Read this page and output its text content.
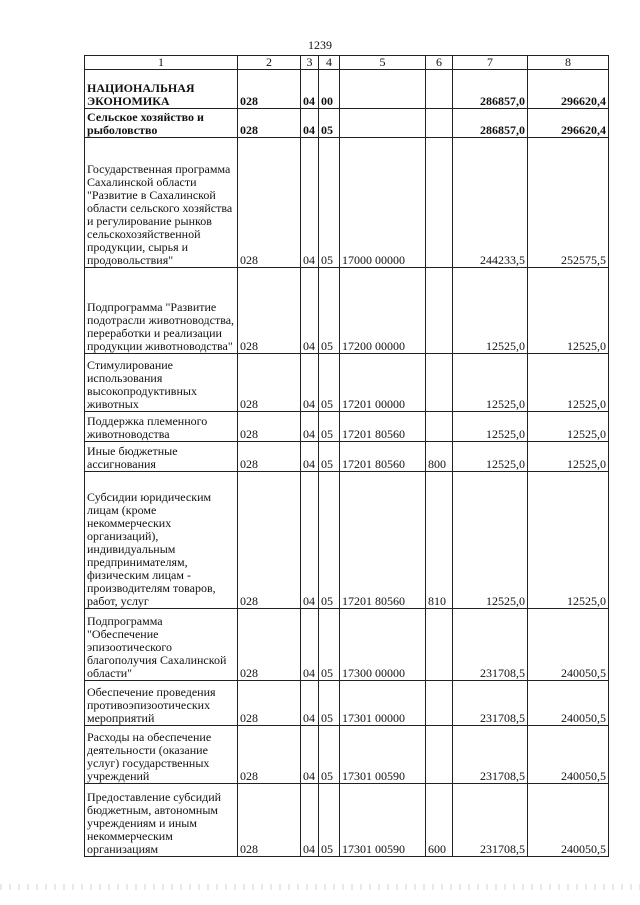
1239
1	2	3	4	5	6	7	8
НАЦИОНАЛЬНАЯ ЭКОНОМИКА	028	04	00			286857,0	296620,4
Сельское хозяйство и рыболовство	028	04	05			286857,0	296620,4
Государственная программа Сахалинской области "Развитие в Сахалинской области сельского хозяйства и регулирование рынков сельскохозяйственной продукции, сырья и продовольствия"	028	04	05	17000 00000		244233,5	252575,5
Подпрограмма "Развитие подотрасли животноводства, переработки и реализации продукции животноводства"	028	04	05	17200 00000		12525,0	12525,0
Стимулирование использования высокопродуктивных животных	028	04	05	17201 00000		12525,0	12525,0
Поддержка племенного животноводства	028	04	05	17201 80560		12525,0	12525,0
Иные бюджетные ассигнования	028	04	05	17201 80560	800	12525,0	12525,0
Субсидии юридическим лицам (кроме некоммерческих организаций), индивидуальным предпринимателям, физическим лицам - производителям товаров, работ, услуг	028	04	05	17201 80560	810	12525,0	12525,0
Подпрограмма "Обеспечение эпизоотического благополучия Сахалинской области"	028	04	05	17300 00000		231708,5	240050,5
Обеспечение проведения противоэпизоотических мероприятий	028	04	05	17301 00000		231708,5	240050,5
Расходы на обеспечение деятельности (оказание услуг) государственных учреждений	028	04	05	17301 00590		231708,5	240050,5
Предоставление субсидий бюджетным, автономным учреждениям и иным некоммерческим организациям	028	04	05	17301 00590	600	231708,5	240050,5
